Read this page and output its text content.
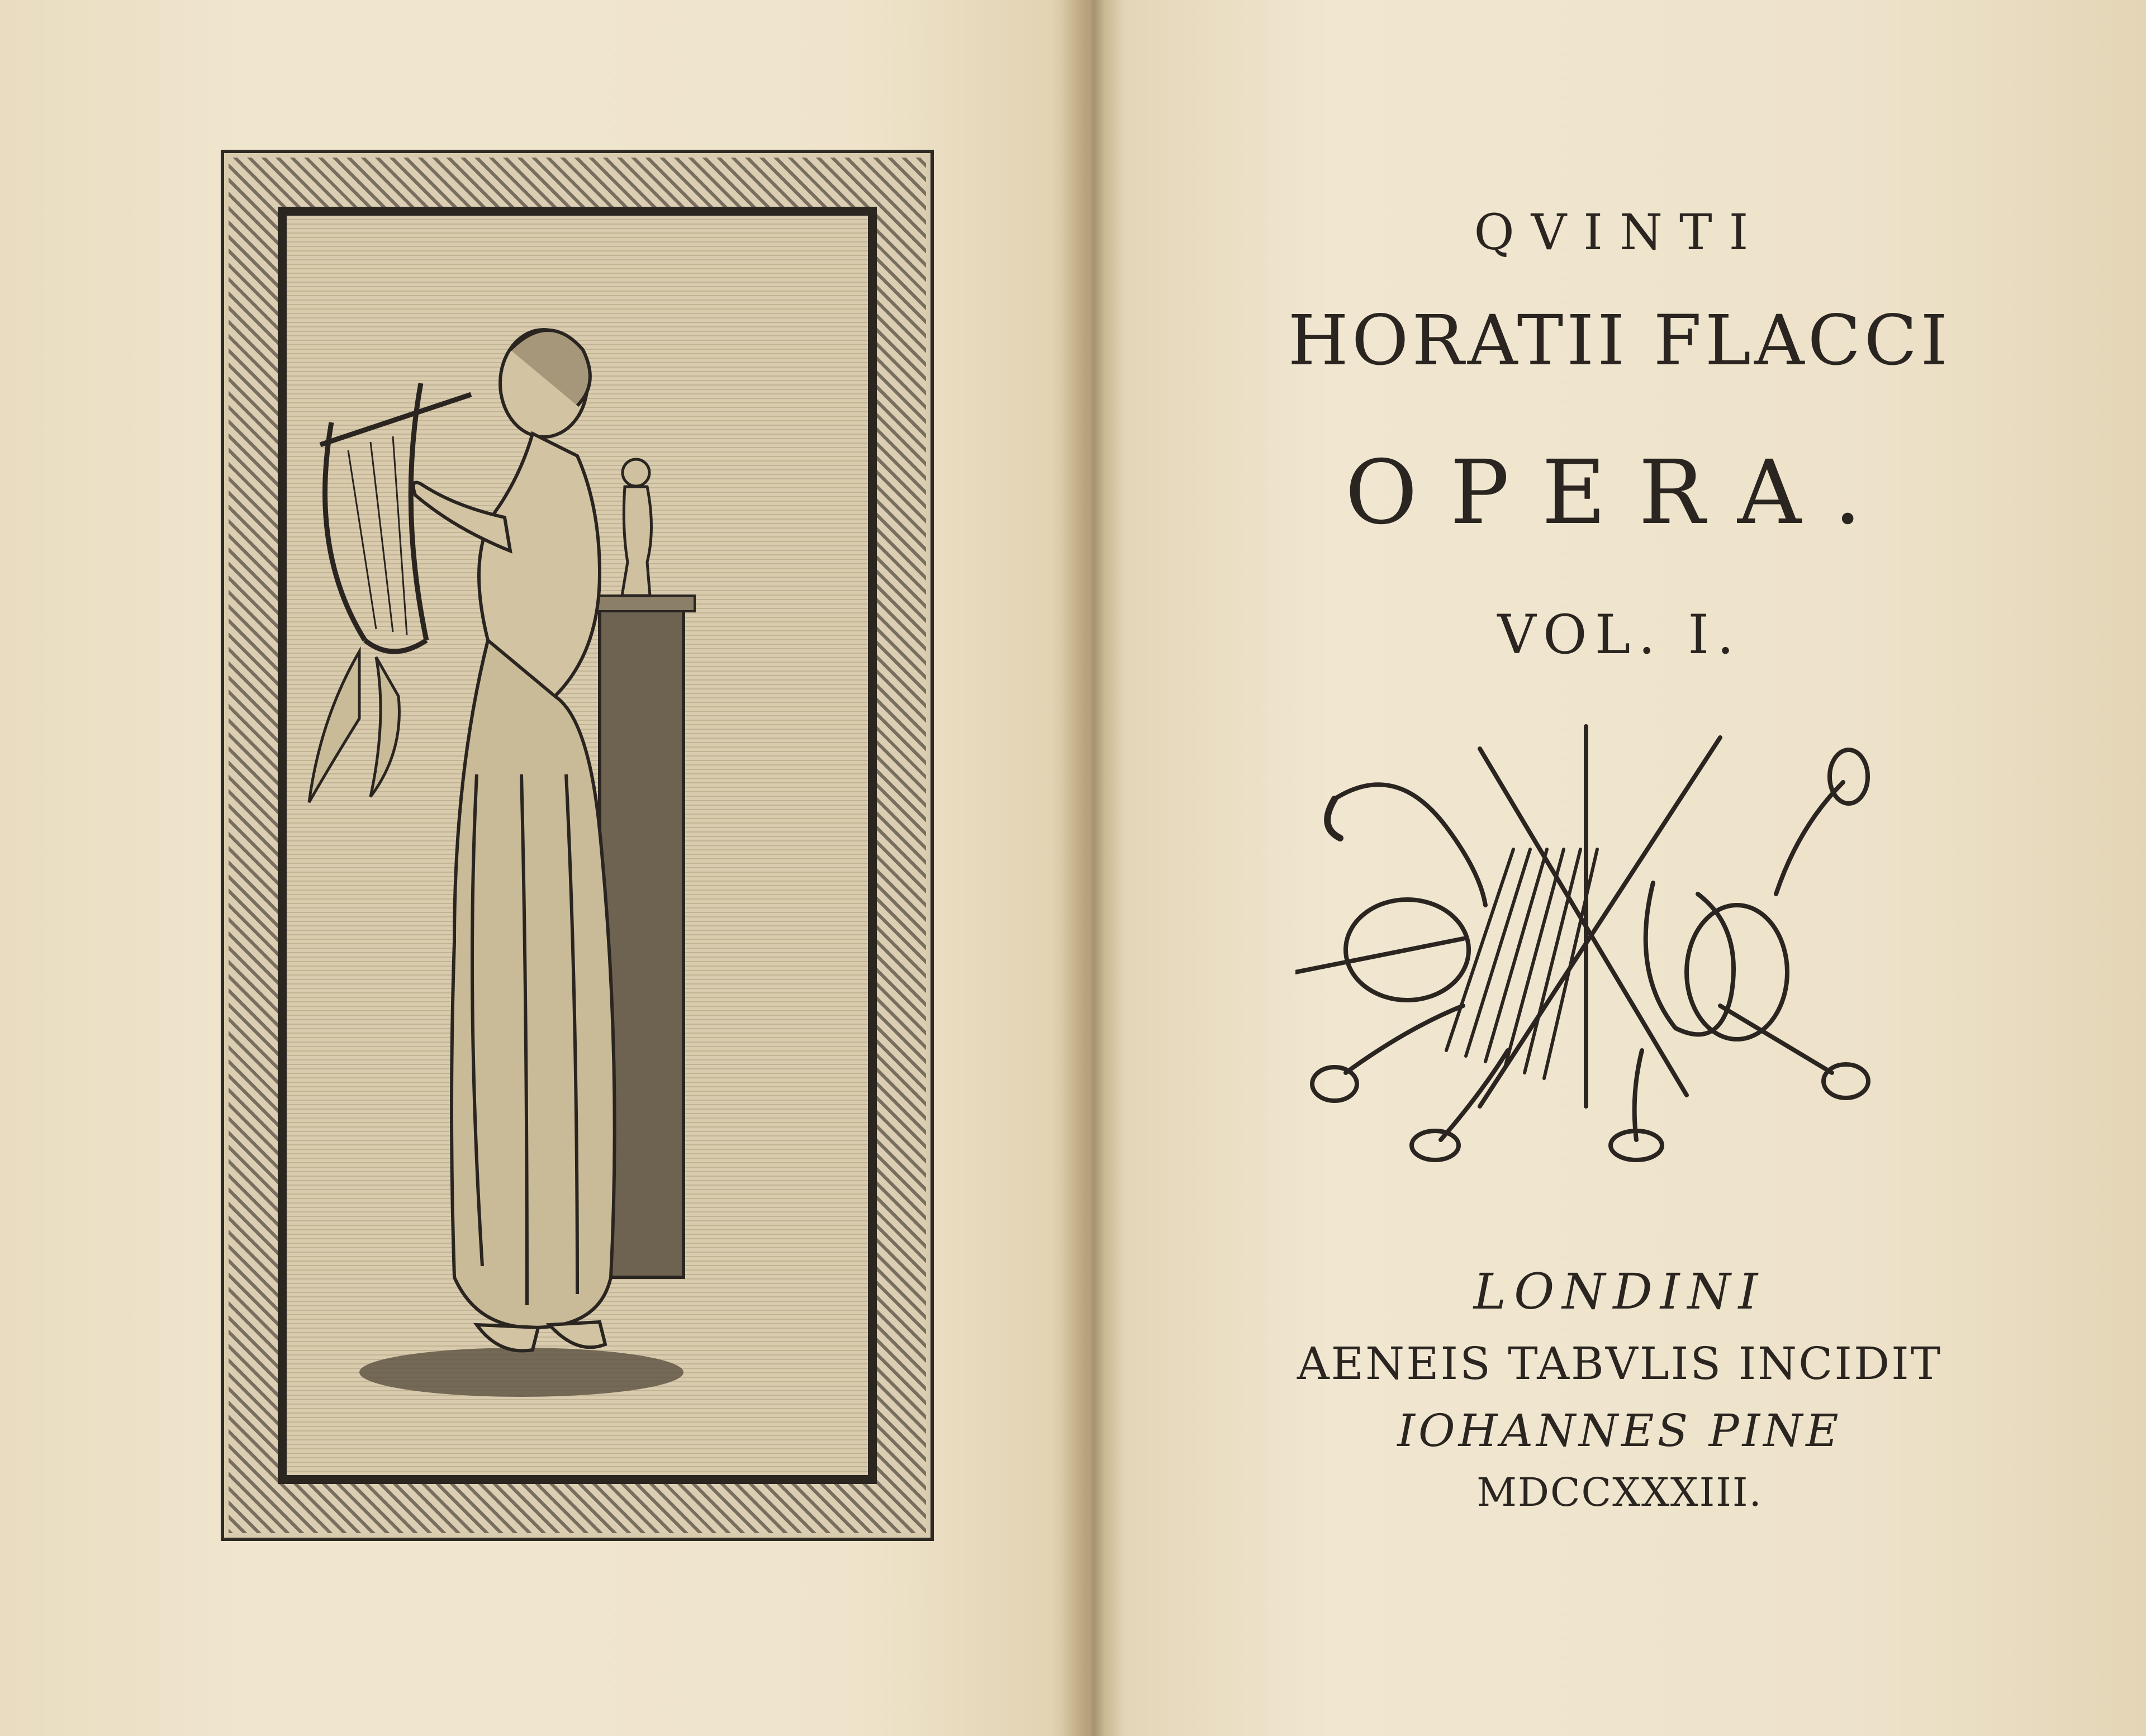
QVINTI
HORATII FLACCI
OPERA.
VOL. I.
LONDINI
AENEIS TABVLIS INCIDIT
IOHANNES PINE
MDCCXXXIII.
